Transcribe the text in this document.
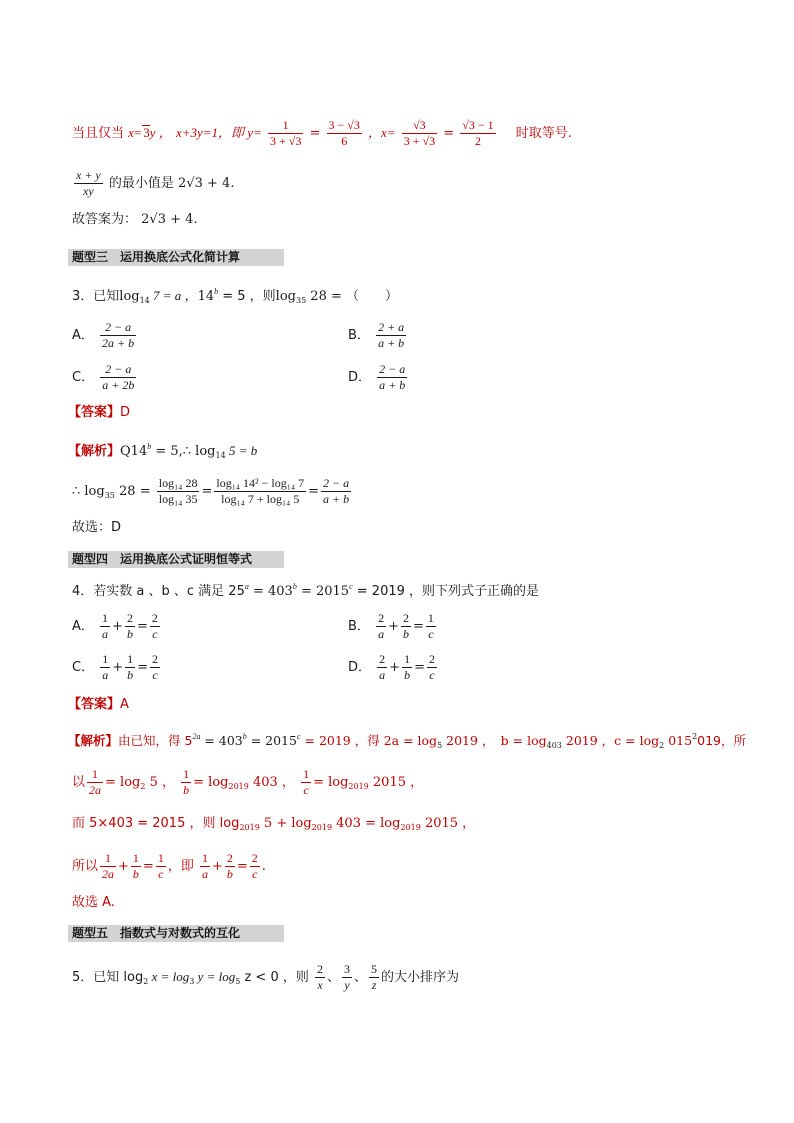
当且仅当 x= 3y ， x+3y=1，即 $y= \frac{1}{3 + √3} = \frac{3 - √3}{6}$ ，$x= \frac{√3}{3 + √3} = \frac{√3 - 1}{2}$ 时取等号.
$\frac{x + y}{xy}$ 的最小值是 2√3 + 4.
故答案为： 2√3 + 4.
题型三　运用换底公式化简计算
3．已知$\log_{14} 7 = a$ ，$14^b = 5$ ，则$\log_{35} 28$ = （　　）
A． $\frac{2 - a}{2a + b}$	B． $\frac{2 + a}{a + b}$
C． $\frac{2 - a}{a + 2b}$	D． $\frac{2 - a}{a + b}$
【答案】D
【解析】$Q14^b$ = 5,∴ $\log_{14} 5 = b$
∴ $\log_{35} 28 = \frac{\text{log₁₄ 28}}{\text{log₁₄ 35}} = \frac{\text{log₁₄ 14² − log₁₄ 7}}{\text{log₁₄ 7 + log₁₄ 5}} = \frac{2 - a}{a + b}$
故选：D
题型四　运用换底公式证明恒等式
4．若实数 a 、b 、c 满足 $25^a = 403^b = 2015^c = 2019$ ，则下列式子正确的是
A． $\frac{1}{a} + \frac{2}{b} = \frac{2}{c}$	B． $\frac{2}{a} + \frac{2}{b} = \frac{1}{c}$
C． $\frac{1}{a} + \frac{1}{b} = \frac{2}{c}$	D． $\frac{2}{a} + \frac{1}{b} = \frac{2}{c}$
【答案】A
【解析】由已知，得 $5^{2a} = 403^b = 2015^c = 2019$ ，得 $2a = \log_5 2019$ ，　$b = \log_{403} 2019$ ，$c = \log_2 015^2019$，所
以 $\frac{1}{2a} = \log_2 5$ ， $\frac{1}{b} = \log_{2019} 403$ ， $\frac{1}{c} = \log_{2019} 2015$ ，
而 5×403 = 2015 ，则 $\log_{2019} 5 + \log_{2019} 403 = \log_{2019} 2015$ ，
所以 $\frac{1}{2a} + \frac{1}{b} = \frac{1}{c}$ ，即 $\frac{1}{a} + \frac{2}{b} = \frac{2}{c}$ .
故选 A.
题型五　指数式与对数式的互化
5．已知 $\log_2 x = \log_3 y = \log_5 z < 0$ ，则 $\frac{2}{x}$ 、 $\frac{3}{y}$ 、 $\frac{5}{z}$ 的大小排序为
